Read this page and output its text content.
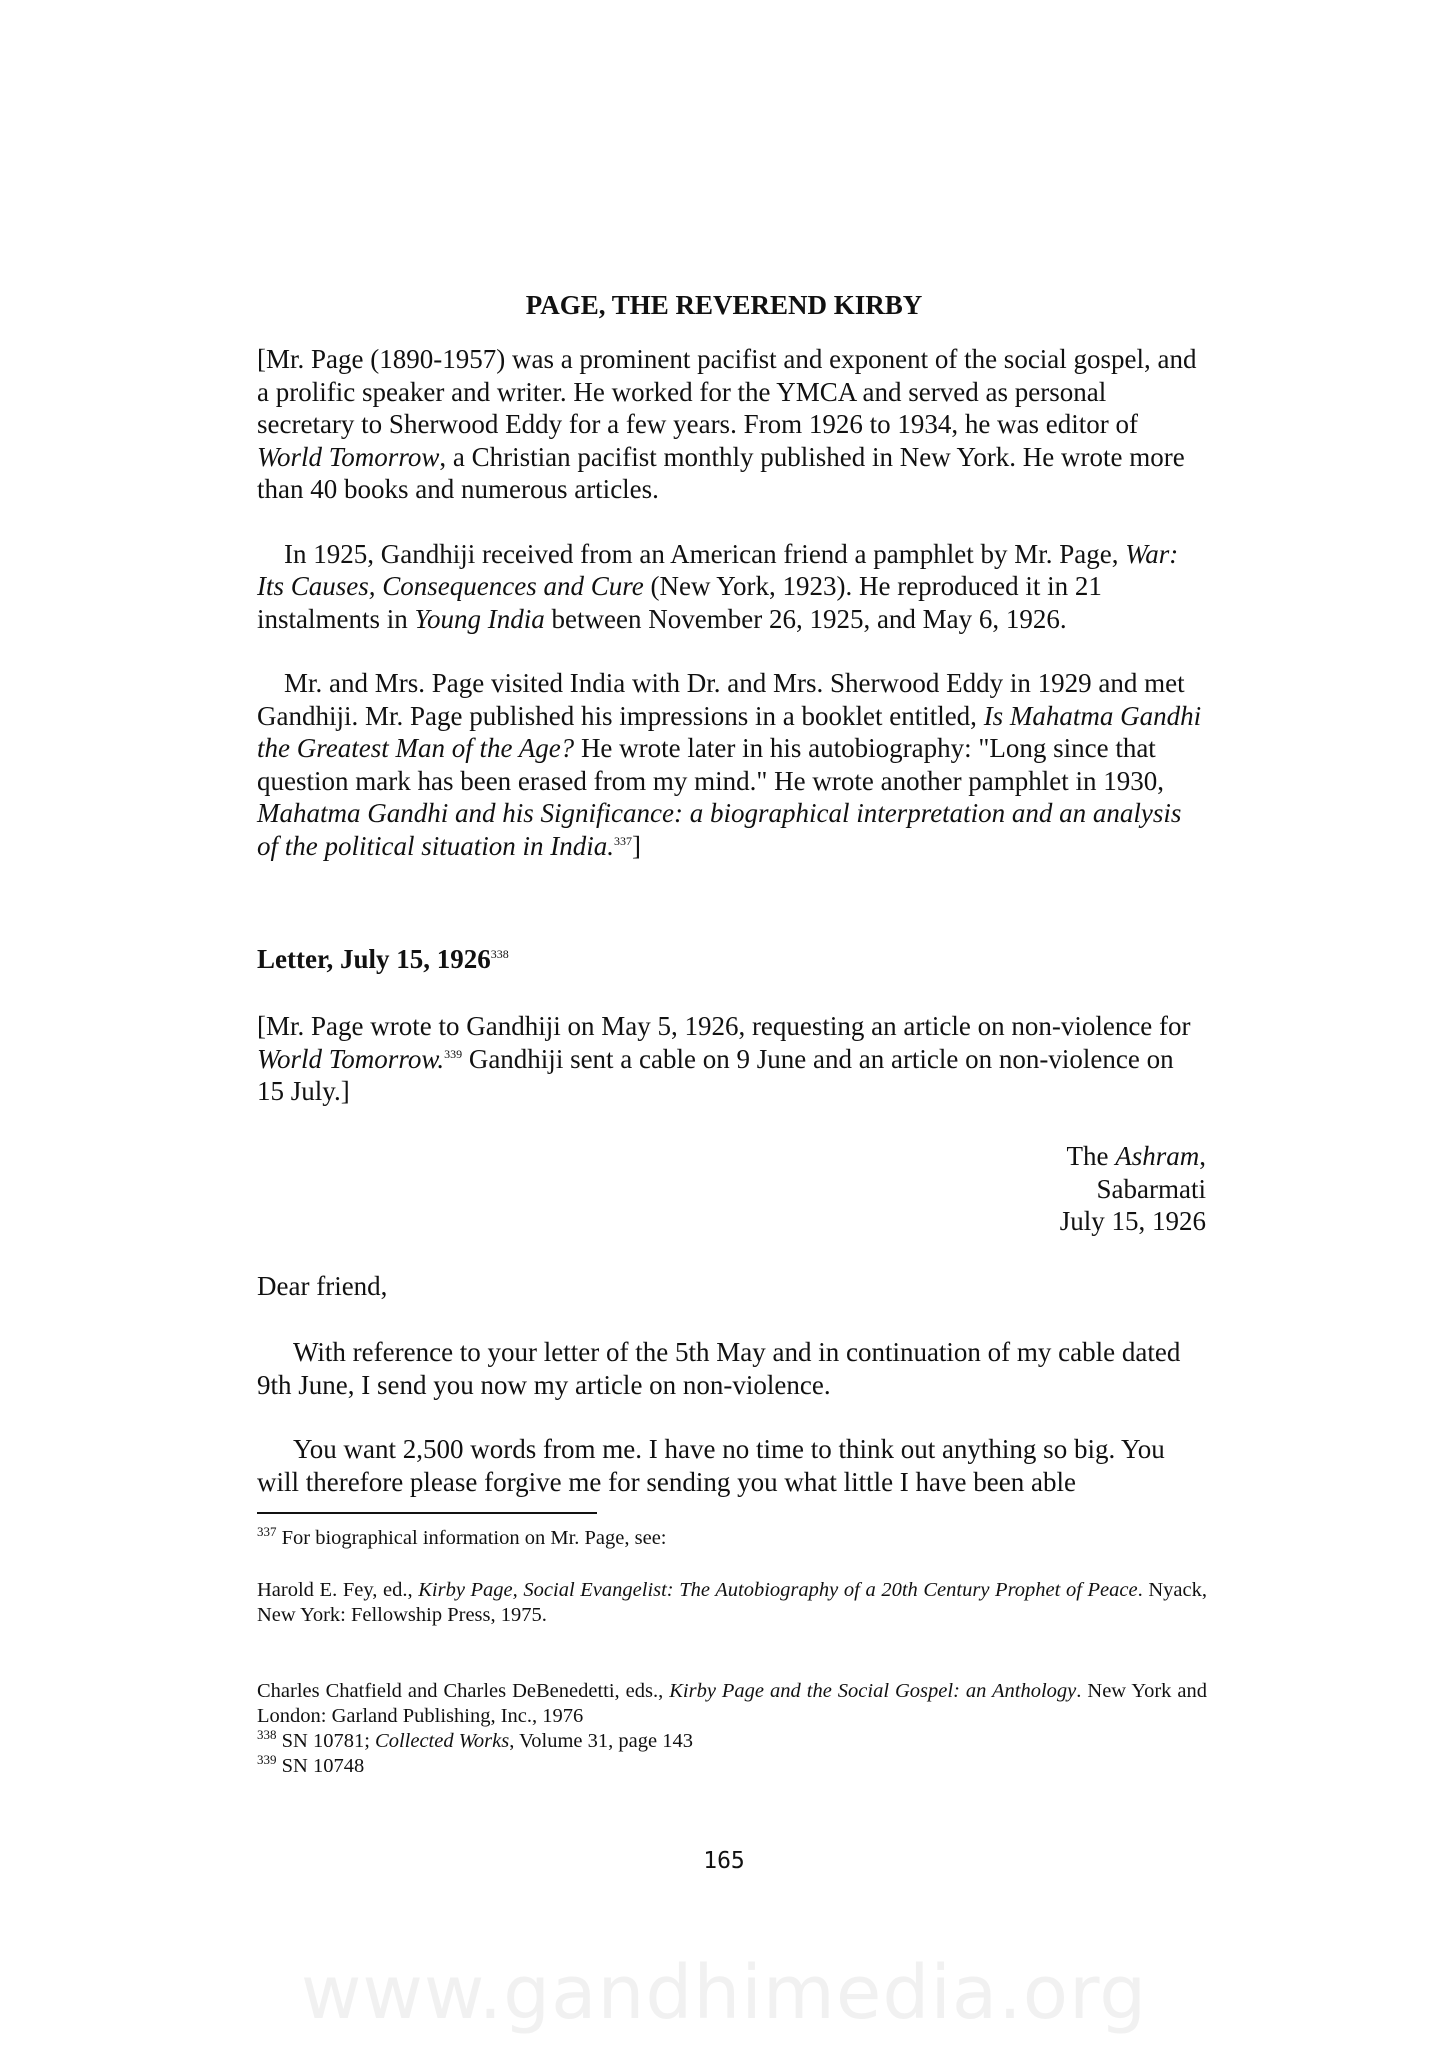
PAGE, THE REVEREND KIRBY

[Mr. Page (1890-1957) was a prominent pacifist and exponent of the social gospel, and a prolific speaker and writer. He worked for the YMCA and served as personal secretary to Sherwood Eddy for a few years. From 1926 to 1934, he was editor of World Tomorrow, a Christian pacifist monthly published in New York. He wrote more than 40 books and numerous articles.

In 1925, Gandhiji received from an American friend a pamphlet by Mr. Page, War: Its Causes, Consequences and Cure (New York, 1923). He reproduced it in 21 instalments in Young India between November 26, 1925, and May 6, 1926.

Mr. and Mrs. Page visited India with Dr. and Mrs. Sherwood Eddy in 1929 and met Gandhiji. Mr. Page published his impressions in a booklet entitled, Is Mahatma Gandhi the Greatest Man of the Age? He wrote later in his autobiography: "Long since that question mark has been erased from my mind." He wrote another pamphlet in 1930, Mahatma Gandhi and his Significance: a biographical interpretation and an analysis of the political situation in India.$^{337}$]

Letter, July 15, 1926$^{338}$

[Mr. Page wrote to Gandhiji on May 5, 1926, requesting an article on non-violence for World Tomorrow.$^{339}$ Gandhiji sent a cable on 9 June and an article on non-violence on 15 July.]

The Ashram,
Sabarmati
July 15, 1926
Dear friend,

With reference to your letter of the 5th May and in continuation of my cable dated 9th June, I send you now my article on non-violence.

You want 2,500 words from me. I have no time to think out anything so big. You will therefore please forgive me for sending you what little I have been able

$^{337}$ For biographical information on Mr. Page, see:

Harold E. Fey, ed., Kirby Page, Social Evangelist: The Autobiography of a 20th Century Prophet of Peace. Nyack, New York: Fellowship Press, 1975.

Charles Chatfield and Charles DeBenedetti, eds., Kirby Page and the Social Gospel: an Anthology. New York and London: Garland Publishing, Inc., 1976

$^{338}$ SN 10781; Collected Works, Volume 31, page 143

$^{339}$ SN 10748

165
www.gandhimedia.org
